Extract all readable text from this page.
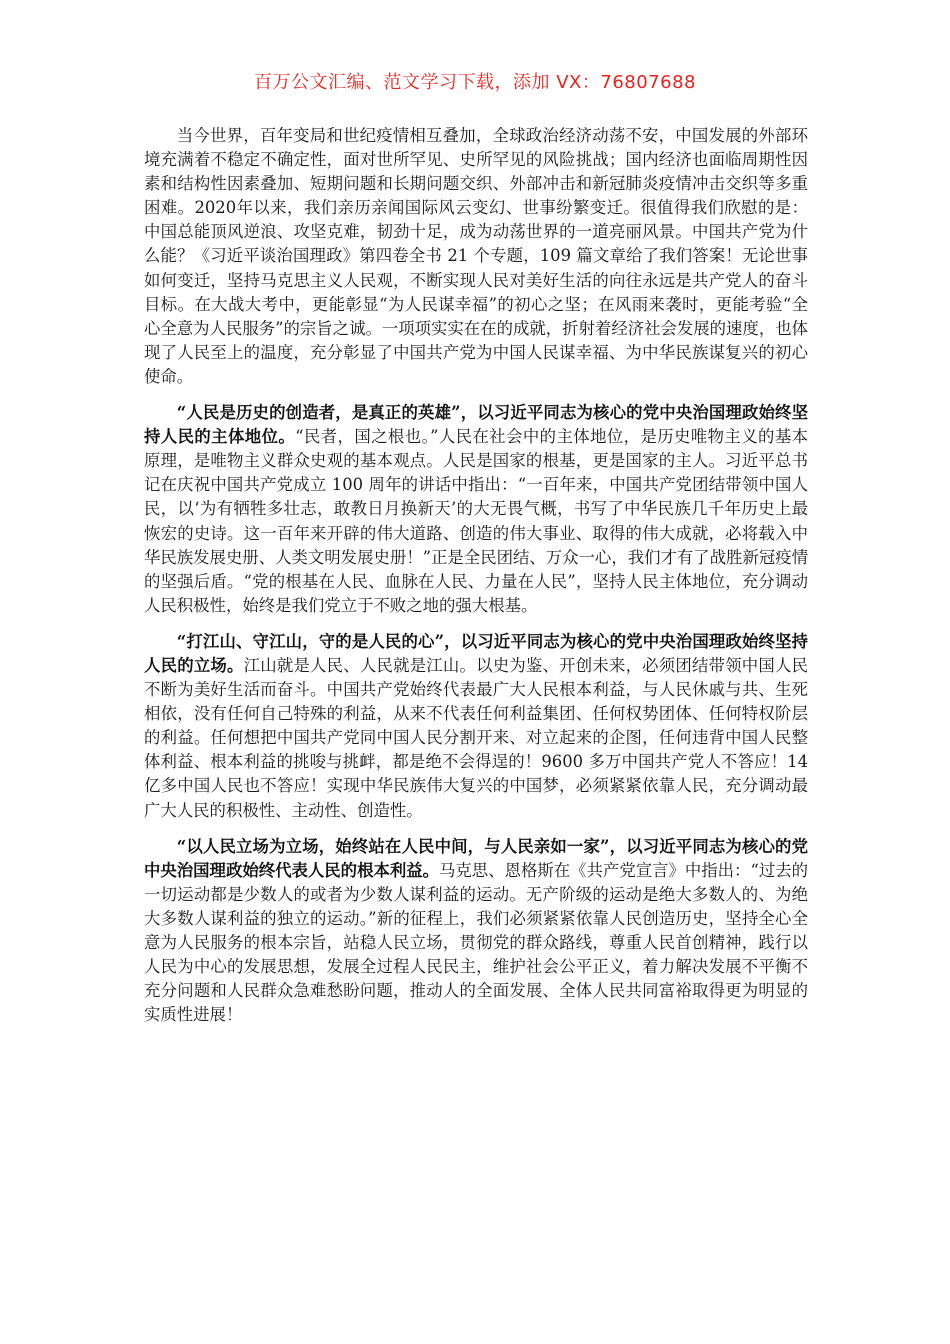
百万公文汇编、范文学习下载，添加 VX：76807688

当今世界，百年变局和世纪疫情相互叠加，全球政治经济动荡不安，中国发展的外部环境充满着不稳定不确定性，面对世所罕见、史所罕见的风险挑战；国内经济也面临周期性因素和结构性因素叠加、短期问题和长期问题交织、外部冲击和新冠肺炎疫情冲击交织等多重困难。2020年以来，我们亲历亲闻国际风云变幻、世事纷繁变迁。很值得我们欣慰的是：中国总能顶风逆浪、攻坚克难，韧劲十足，成为动荡世界的一道亮丽风景。中国共产党为什么能？《习近平谈治国理政》第四卷全书 21 个专题，109 篇文章给了我们答案！无论世事如何变迁，坚持马克思主义人民观，不断实现人民对美好生活的向往永远是共产党人的奋斗目标。在大战大考中，更能彰显“为人民谋幸福”的初心之坚；在风雨来袭时，更能考验“全心全意为人民服务”的宗旨之诚。一项项实实在在的成就，折射着经济社会发展的速度，也体现了人民至上的温度，充分彰显了中国共产党为中国人民谋幸福、为中华民族谋复兴的初心使命。

“人民是历史的创造者，是真正的英雄”，以习近平同志为核心的党中央治国理政始终坚持人民的主体地位。“民者，国之根也。”人民在社会中的主体地位，是历史唯物主义的基本原理，是唯物主义群众史观的基本观点。人民是国家的根基，更是国家的主人。习近平总书记在庆祝中国共产党成立 100 周年的讲话中指出：“一百年来，中国共产党团结带领中国人民，以‘为有牺牲多壮志，敢教日月换新天’的大无畏气概，书写了中华民族几千年历史上最恢宏的史诗。这一百年来开辟的伟大道路、创造的伟大事业、取得的伟大成就，必将载入中华民族发展史册、人类文明发展史册！”正是全民团结、万众一心，我们才有了战胜新冠疫情的坚强后盾。“党的根基在人民、血脉在人民、力量在人民”，坚持人民主体地位，充分调动人民积极性，始终是我们党立于不败之地的强大根基。

“打江山、守江山，守的是人民的心”，以习近平同志为核心的党中央治国理政始终坚持人民的立场。江山就是人民、人民就是江山。以史为鉴、开创未来，必须团结带领中国人民不断为美好生活而奋斗。中国共产党始终代表最广大人民根本利益，与人民休戚与共、生死相依，没有任何自己特殊的利益，从来不代表任何利益集团、任何权势团体、任何特权阶层的利益。任何想把中国共产党同中国人民分割开来、对立起来的企图，任何违背中国人民整体利益、根本利益的挑唆与挑衅，都是绝不会得逞的！9600 多万中国共产党人不答应！14 亿多中国人民也不答应！实现中华民族伟大复兴的中国梦，必须紧紧依靠人民，充分调动最广大人民的积极性、主动性、创造性。

“以人民立场为立场，始终站在人民中间，与人民亲如一家”，以习近平同志为核心的党中央治国理政始终代表人民的根本利益。马克思、恩格斯在《共产党宣言》中指出：“过去的一切运动都是少数人的或者为少数人谋利益的运动。无产阶级的运动是绝大多数人的、为绝大多数人谋利益的独立的运动。”新的征程上，我们必须紧紧依靠人民创造历史，坚持全心全意为人民服务的根本宗旨，站稳人民立场，贯彻党的群众路线，尊重人民首创精神，践行以人民为中心的发展思想，发展全过程人民民主，维护社会公平正义，着力解决发展不平衡不充分问题和人民群众急难愁盼问题，推动人的全面发展、全体人民共同富裕取得更为明显的实质性进展！
